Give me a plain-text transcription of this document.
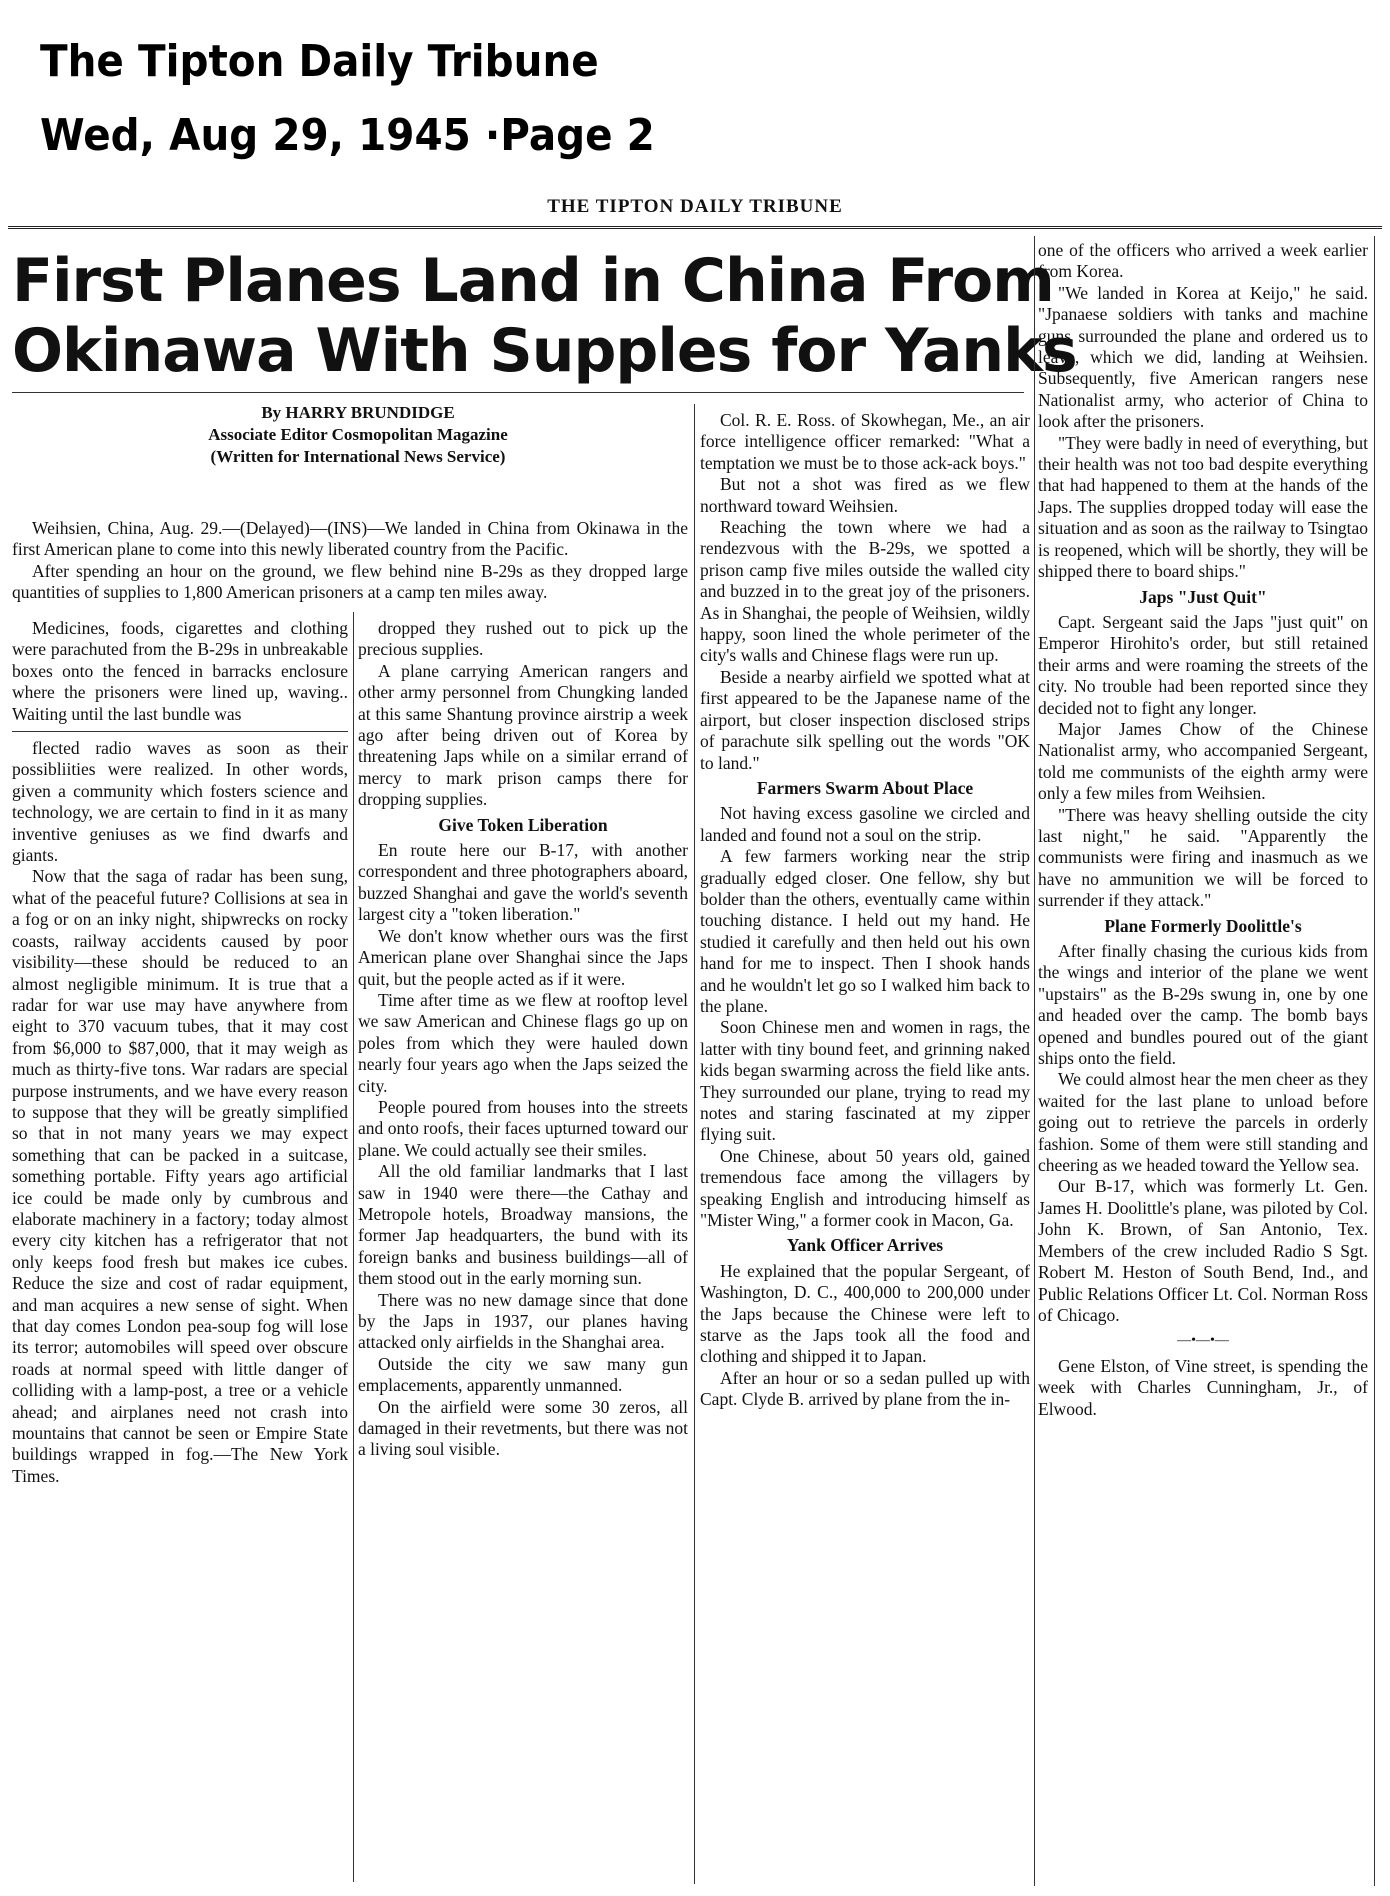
The Tipton Daily Tribune
Wed, Aug 29, 1945 ·Page 2
THE TIPTON DAILY TRIBUNE
First Planes Land in China From
Okinawa With Supples for Yanks
By HARRY BRUNDIDGE
Associate Editor Cosmopolitan Magazine
(Written for International News Service)

Weihsien, China, Aug. 29.—(Delayed)—(INS)—We landed in China from Okinawa in the first American plane to come into this newly liberated country from the Pacific.

After spending an hour on the ground, we flew behind nine B-29s as they dropped large quantities of supplies to 1,800 American prisoners at a camp ten miles away.

Medicines, foods, cigarettes and clothing were parachuted from the B-29s in unbreakable boxes onto the fenced in barracks enclosure where the prisoners were lined up, waving.. Waiting until the last bundle was

flected radio waves as soon as their possibliities were realized. In other words, given a community which fosters science and technology, we are certain to find in it as many inventive geniuses as we find dwarfs and giants.

Now that the saga of radar has been sung, what of the peaceful future? Collisions at sea in a fog or on an inky night, shipwrecks on rocky coasts, railway accidents caused by poor visibility—these should be reduced to an almost negligible minimum. It is true that a radar for war use may have anywhere from eight to 370 vacuum tubes, that it may cost from $6,000 to $87,000, that it may weigh as much as thirty-five tons. War radars are special purpose instruments, and we have every reason to suppose that they will be greatly simplified so that in not many years we may expect something that can be packed in a suitcase, something portable. Fifty years ago artificial ice could be made only by cumbrous and elaborate machinery in a factory; today almost every city kitchen has a refrigerator that not only keeps food fresh but makes ice cubes. Reduce the size and cost of radar equipment, and man acquires a new sense of sight. When that day comes London pea-soup fog will lose its terror; automobiles will speed over obscure roads at normal speed with little danger of colliding with a lamp-post, a tree or a vehicle ahead; and airplanes need not crash into mountains that cannot be seen or Empire State buildings wrapped in fog.—The New York Times.

dropped they rushed out to pick up the precious supplies.

A plane carrying American rangers and other army personnel from Chungking landed at this same Shantung province airstrip a week ago after being driven out of Korea by threatening Japs while on a similar errand of mercy to mark prison camps there for dropping supplies.

Give Token Liberation

En route here our B-17, with another correspondent and three photographers aboard, buzzed Shanghai and gave the world's seventh largest city a "token liberation."

We don't know whether ours was the first American plane over Shanghai since the Japs quit, but the people acted as if it were.

Time after time as we flew at rooftop level we saw American and Chinese flags go up on poles from which they were hauled down nearly four years ago when the Japs seized the city.

People poured from houses into the streets and onto roofs, their faces upturned toward our plane. We could actually see their smiles.

All the old familiar landmarks that I last saw in 1940 were there—the Cathay and Metropole hotels, Broadway mansions, the former Jap headquarters, the bund with its foreign banks and business buildings—all of them stood out in the early morning sun.

There was no new damage since that done by the Japs in 1937, our planes having attacked only airfields in the Shanghai area.

Outside the city we saw many gun emplacements, apparently unmanned.

On the airfield were some 30 zeros, all damaged in their revetments, but there was not a living soul visible.

Col. R. E. Ross. of Skowhegan, Me., an air force intelligence officer remarked: "What a temptation we must be to those ack-ack boys."

But not a shot was fired as we flew northward toward Weihsien.

Reaching the town where we had a rendezvous with the B-29s, we spotted a prison camp five miles outside the walled city and buzzed in to the great joy of the prisoners. As in Shanghai, the people of Weihsien, wildly happy, soon lined the whole perimeter of the city's walls and Chinese flags were run up.

Beside a nearby airfield we spotted what at first appeared to be the Japanese name of the airport, but closer inspection disclosed strips of parachute silk spelling out the words "OK to land."

Farmers Swarm About Place

Not having excess gasoline we circled and landed and found not a soul on the strip.

A few farmers working near the strip gradually edged closer. One fellow, shy but bolder than the others, eventually came within touching distance. I held out my hand. He studied it carefully and then held out his own hand for me to inspect. Then I shook hands and he wouldn't let go so I walked him back to the plane.

Soon Chinese men and women in rags, the latter with tiny bound feet, and grinning naked kids began swarming across the field like ants. They surrounded our plane, trying to read my notes and staring fascinated at my zipper flying suit.

One Chinese, about 50 years old, gained tremendous face among the villagers by speaking English and introducing himself as "Mister Wing," a former cook in Macon, Ga.

Yank Officer Arrives

He explained that the popular Sergeant, of Washington, D. C., 400,000 to 200,000 under the Japs because the Chinese were left to starve as the Japs took all the food and clothing and shipped it to Japan.

After an hour or so a sedan pulled up with Capt. Clyde B. arrived by plane from the in-

one of the officers who arrived a week earlier from Korea.

"We landed in Korea at Keijo," he said. "Jpanaese soldiers with tanks and machine guns surrounded the plane and ordered us to leave, which we did, landing at Weihsien. Subsequently, five American rangers nese Nationalist army, who acterior of China to look after the prisoners.

"They were badly in need of everything, but their health was not too bad despite everything that had happened to them at the hands of the Japs. The supplies dropped today will ease the situation and as soon as the railway to Tsingtao is reopened, which will be shortly, they will be shipped there to board ships."

Japs "Just Quit"

Capt. Sergeant said the Japs "just quit" on Emperor Hirohito's order, but still retained their arms and were roaming the streets of the city. No trouble had been reported since they decided not to fight any longer.

Major James Chow of the Chinese Nationalist army, who accompanied Sergeant, told me communists of the eighth army were only a few miles from Weihsien.

"There was heavy shelling outside the city last night," he said. "Apparently the communists were firing and inasmuch as we have no ammunition we will be forced to surrender if they attack."

Plane Formerly Doolittle's

After finally chasing the curious kids from the wings and interior of the plane we went "upstairs" as the B-29s swung in, one by one and headed over the camp. The bomb bays opened and bundles poured out of the giant ships onto the field.

We could almost hear the men cheer as they waited for the last plane to unload before going out to retrieve the parcels in orderly fashion. Some of them were still standing and cheering as we headed toward the Yellow sea.

Our B-17, which was formerly Lt. Gen. James H. Doolittle's plane, was piloted by Col. John K. Brown, of San Antonio, Tex. Members of the crew included Radio S Sgt. Robert M. Heston of South Bend, Ind., and Public Relations Officer Lt. Col. Norman Ross of Chicago.

—•—•—

Gene Elston, of Vine street, is spending the week with Charles Cunningham, Jr., of Elwood.
